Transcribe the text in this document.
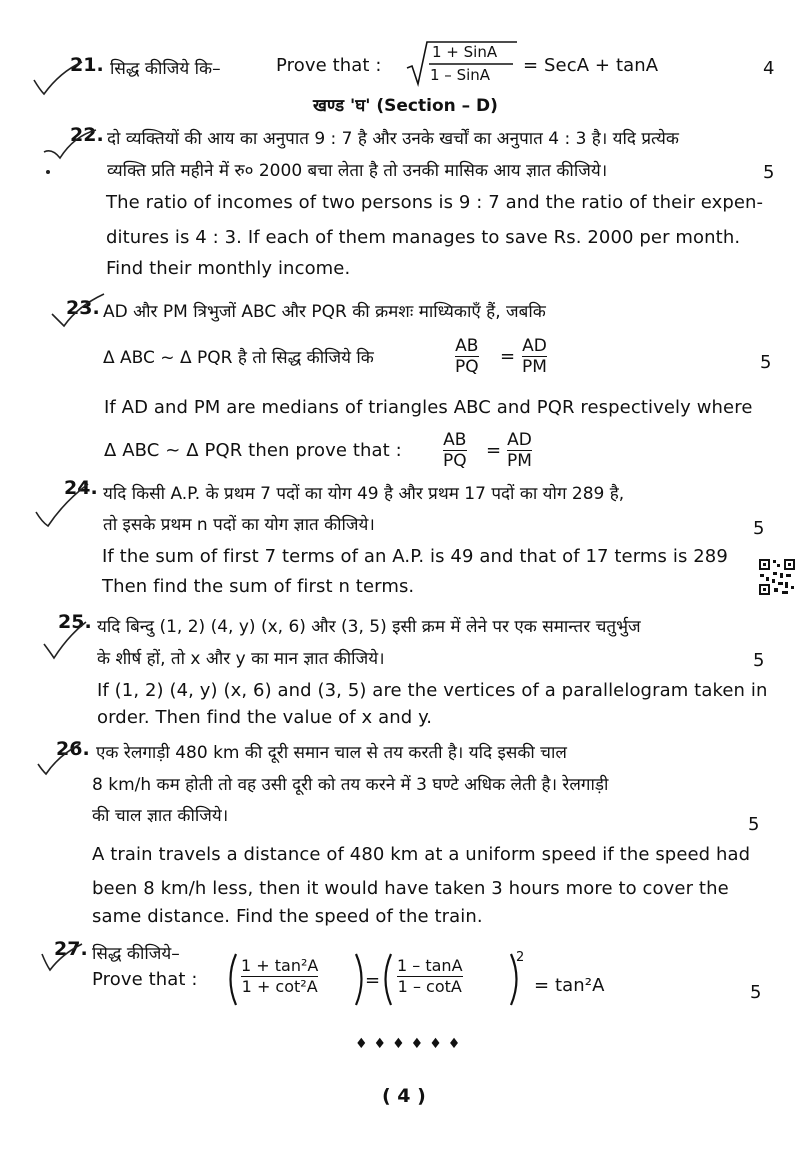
21. सिद्ध कीजिये कि–	Prove that :
1 + SinA
1 – SinA = SecA + tanA	4
खण्ड 'घ' (Section – D)
22. दो व्यक्तियों की आय का अनुपात 9 : 7 है और उनके खर्चों का अनुपात 4 : 3 है। यदि प्रत्येक
व्यक्ति प्रति महीने में रु० 2000 बचा लेता है तो उनकी मासिक आय ज्ञात कीजिये।	5
The ratio of incomes of two persons is 9 : 7 and the ratio of their expen-
ditures is 4 : 3. If each of them manages to save Rs. 2000 per month.
Find their monthly income.
23. AD और PM त्रिभुजों ABC और PQR की क्रमशः माध्यिकाएँ हैं, जबकि
Δ ABC ~ Δ PQR है तो सिद्ध कीजिये कि	$\frac{AB}{PQ} = \frac{AD}{PM}$	5
If AD and PM are medians of triangles ABC and PQR respectively where
Δ ABC ~ Δ PQR then prove that : $\frac{AB}{PQ} = \frac{AD}{PM}$
24. यदि किसी A.P. के प्रथम 7 पदों का योग 49 है और प्रथम 17 पदों का योग 289 है,
तो इसके प्रथम n पदों का योग ज्ञात कीजिये।	5
If the sum of first 7 terms of an A.P. is 49 and that of 17 terms is 289
Then find the sum of first n terms.
25. यदि बिन्दु (1, 2) (4, y) (x, 6) और (3, 5) इसी क्रम में लेने पर एक समान्तर चतुर्भुज
के शीर्ष हों, तो x और y का मान ज्ञात कीजिये।	5
If (1, 2) (4, y) (x, 6) and (3, 5) are the vertices of a parallelogram taken in
order. Then find the value of x and y.
26. एक रेलगाड़ी 480 km की दूरी समान चाल से तय करती है। यदि इसकी चाल
8 km/h कम होती तो वह उसी दूरी को तय करने में 3 घण्टे अधिक लेती है। रेलगाड़ी
की चाल ज्ञात कीजिये।	5
A train travels a distance of 480 km at a uniform speed if the speed had
been 8 km/h less, then it would have taken 3 hours more to cover the
same distance. Find the speed of the train.
27. सिद्ध कीजिये–
Prove that :	$\frac{\text{1 + tan²A}}{\text{1 + cot²A}}$	= $\frac{1 - \tan A}{1 - \cot A}$	2
= tan²A	5
♦♦♦♦♦♦
( 4 )
